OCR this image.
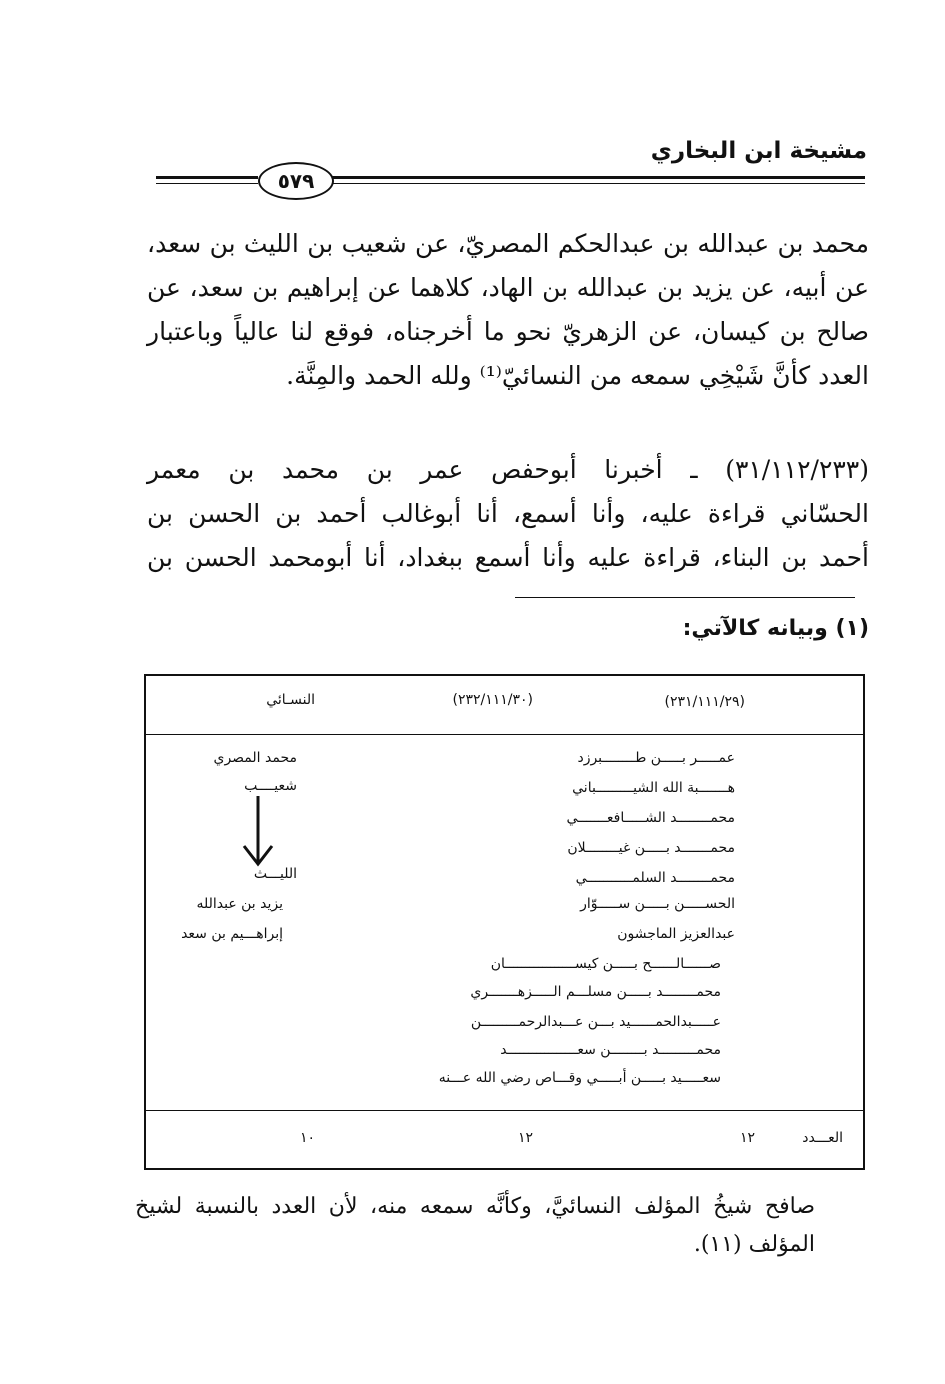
مشيخة ابن البخاري
٥٧٩
محمد بن عبدالله بن عبدالحكم المصريّ، عن شعيب بن الليث بن سعد،
عن أبيه، عن يزيد بن عبدالله بن الهاد، كلاهما عن إبراهيم بن سعد، عن
صالح بن كيسان، عن الزهريّ نحو ما أخرجناه، فوقع لنا عالياً وباعتبار
العدد كأنَّ شَيْخِي سمعه من النسائيّ⁽¹⁾ ولله الحمد والمِنَّة.
(٣١/١١٢/٢٣٣) ـ أخبرنا أبوحفص عمر بن محمد بن معمر
الحسّاني قراءة عليه، وأنا أسمع، أنا أبوغالب أحمد بن الحسن بن
أحمد بن البناء، قراءة عليه وأنا أسمع ببغداد، أنا أبومحمد الحسن بن
(١) وبيانه كالآتي:
(٢٣١/١١١/٢٩)
(٢٣٢/١١١/٣٠)
النسـائي
عمـــــر بـــــن طــــــــبرزد
هـــــــبة الله الشيـــــــــباني
محمــــــــد الشـــــافعـــــــي
محمـــــــد بـــــن غيــــــــلان
محمــــــــد السلمـــــــــــي
الحســـــن بـــــن ســـــوّار
عبدالعزيز الماجشون
محمد المصري
شعيــــب
الليـــث
يزيد بن عبدالله
إبراهـــيم بن سعد
صــــــالــــــح بـــــن كيســـــــــــــــــان
محمــــــــد بـــــن مسلـــم الـــــزهـــــــري
عـــــبدالحمــــــيد بـــن عـــبدالرحمـــــــــن
محمـــــــــد بــــــــن سعـــــــــــــــــد
سعـــــيد بـــــن أبـــــي وقـــاص رضي الله عـــنه
العـــدد
١٢
١٢
١٠
صافح شيخُ المؤلف النسائيَّ، وكأنَّه سمعه منه، لأن العدد بالنسبة لشيخ
المؤلف (١١).
